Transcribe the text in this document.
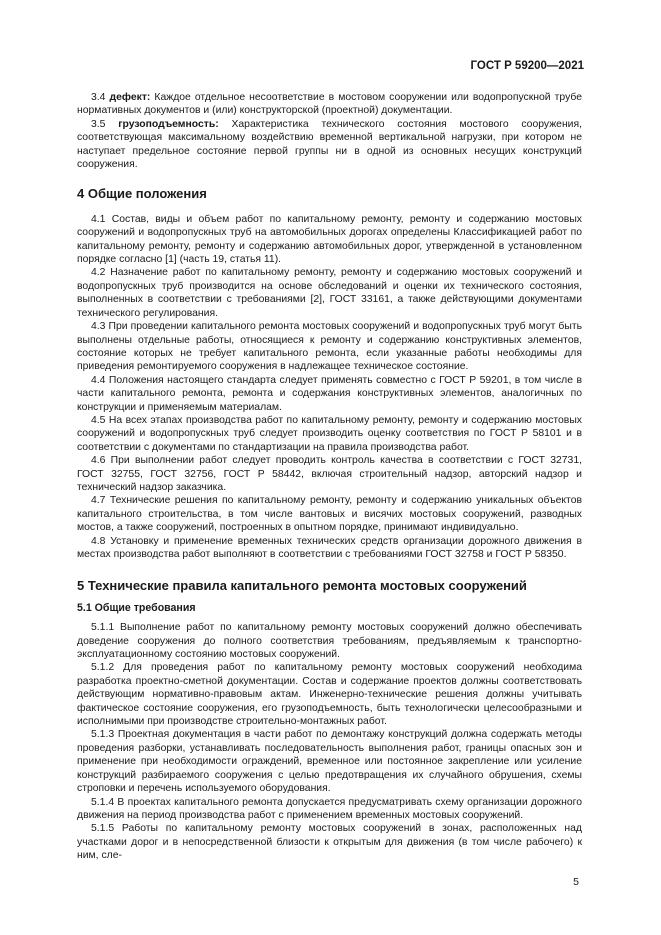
ГОСТ Р 59200—2021

3.4 дефект: Каждое отдельное несоответствие в мостовом сооружении или водопропускной трубе нормативных документов и (или) конструкторской (проектной) документации.

3.5 грузоподъемность: Характеристика технического состояния мостового сооружения, соответствующая максимальному воздействию временной вертикальной нагрузки, при котором не наступает предельное состояние первой группы ни в одной из основных несущих конструкций сооружения.

4 Общие положения

4.1 Состав, виды и объем работ по капитальному ремонту, ремонту и содержанию мостовых сооружений и водопропускных труб на автомобильных дорогах определены Классификацией работ по капитальному ремонту, ремонту и содержанию автомобильных дорог, утвержденной в установленном порядке согласно [1] (часть 19, статья 11).

4.2 Назначение работ по капитальному ремонту, ремонту и содержанию мостовых сооружений и водопропускных труб производится на основе обследований и оценки их технического состояния, выполненных в соответствии с требованиями [2], ГОСТ 33161, а также действующими документами технического регулирования.

4.3 При проведении капитального ремонта мостовых сооружений и водопропускных труб могут быть выполнены отдельные работы, относящиеся к ремонту и содержанию конструктивных элементов, состояние которых не требует капитального ремонта, если указанные работы необходимы для приведения ремонтируемого сооружения в надлежащее техническое состояние.

4.4 Положения настоящего стандарта следует применять совместно с ГОСТ Р 59201, в том числе в части капитального ремонта, ремонта и содержания конструктивных элементов, аналогичных по конструкции и применяемым материалам.

4.5 На всех этапах производства работ по капитальному ремонту, ремонту и содержанию мостовых сооружений и водопропускных труб следует производить оценку соответствия по ГОСТ Р 58101 и в соответствии с документами по стандартизации на правила производства работ.

4.6 При выполнении работ следует проводить контроль качества в соответствии с ГОСТ 32731, ГОСТ 32755, ГОСТ 32756, ГОСТ Р 58442, включая строительный надзор, авторский надзор и технический надзор заказчика.

4.7 Технические решения по капитальному ремонту, ремонту и содержанию уникальных объектов капитального строительства, в том числе вантовых и висячих мостовых сооружений, разводных мостов, а также сооружений, построенных в опытном порядке, принимают индивидуально.

4.8 Установку и применение временных технических средств организации дорожного движения в местах производства работ выполняют в соответствии с требованиями ГОСТ 32758 и ГОСТ Р 58350.

5 Технические правила капитального ремонта мостовых сооружений
5.1 Общие требования

5.1.1 Выполнение работ по капитальному ремонту мостовых сооружений должно обеспечивать доведение сооружения до полного соответствия требованиям, предъявляемым к транспортно-эксплуатационному состоянию мостовых сооружений.

5.1.2 Для проведения работ по капитальному ремонту мостовых сооружений необходима разработка проектно-сметной документации. Состав и содержание проектов должны соответствовать действующим нормативно-правовым актам. Инженерно-технические решения должны учитывать фактическое состояние сооружения, его грузоподъемность, быть технологически целесообразными и исполнимыми при производстве строительно-монтажных работ.

5.1.3 Проектная документация в части работ по демонтажу конструкций должна содержать методы проведения разборки, устанавливать последовательность выполнения работ, границы опасных зон и применение при необходимости ограждений, временное или постоянное закрепление или усиление конструкций разбираемого сооружения с целью предотвращения их случайного обрушения, схемы строповки и перечень используемого оборудования.

5.1.4 В проектах капитального ремонта допускается предусматривать схему организации дорожного движения на период производства работ с применением временных мостовых сооружений.

5.1.5 Работы по капитальному ремонту мостовых сооружений в зонах, расположенных над участками дорог и в непосредственной близости к открытым для движения (в том числе рабочего) к ним, сле-

5
